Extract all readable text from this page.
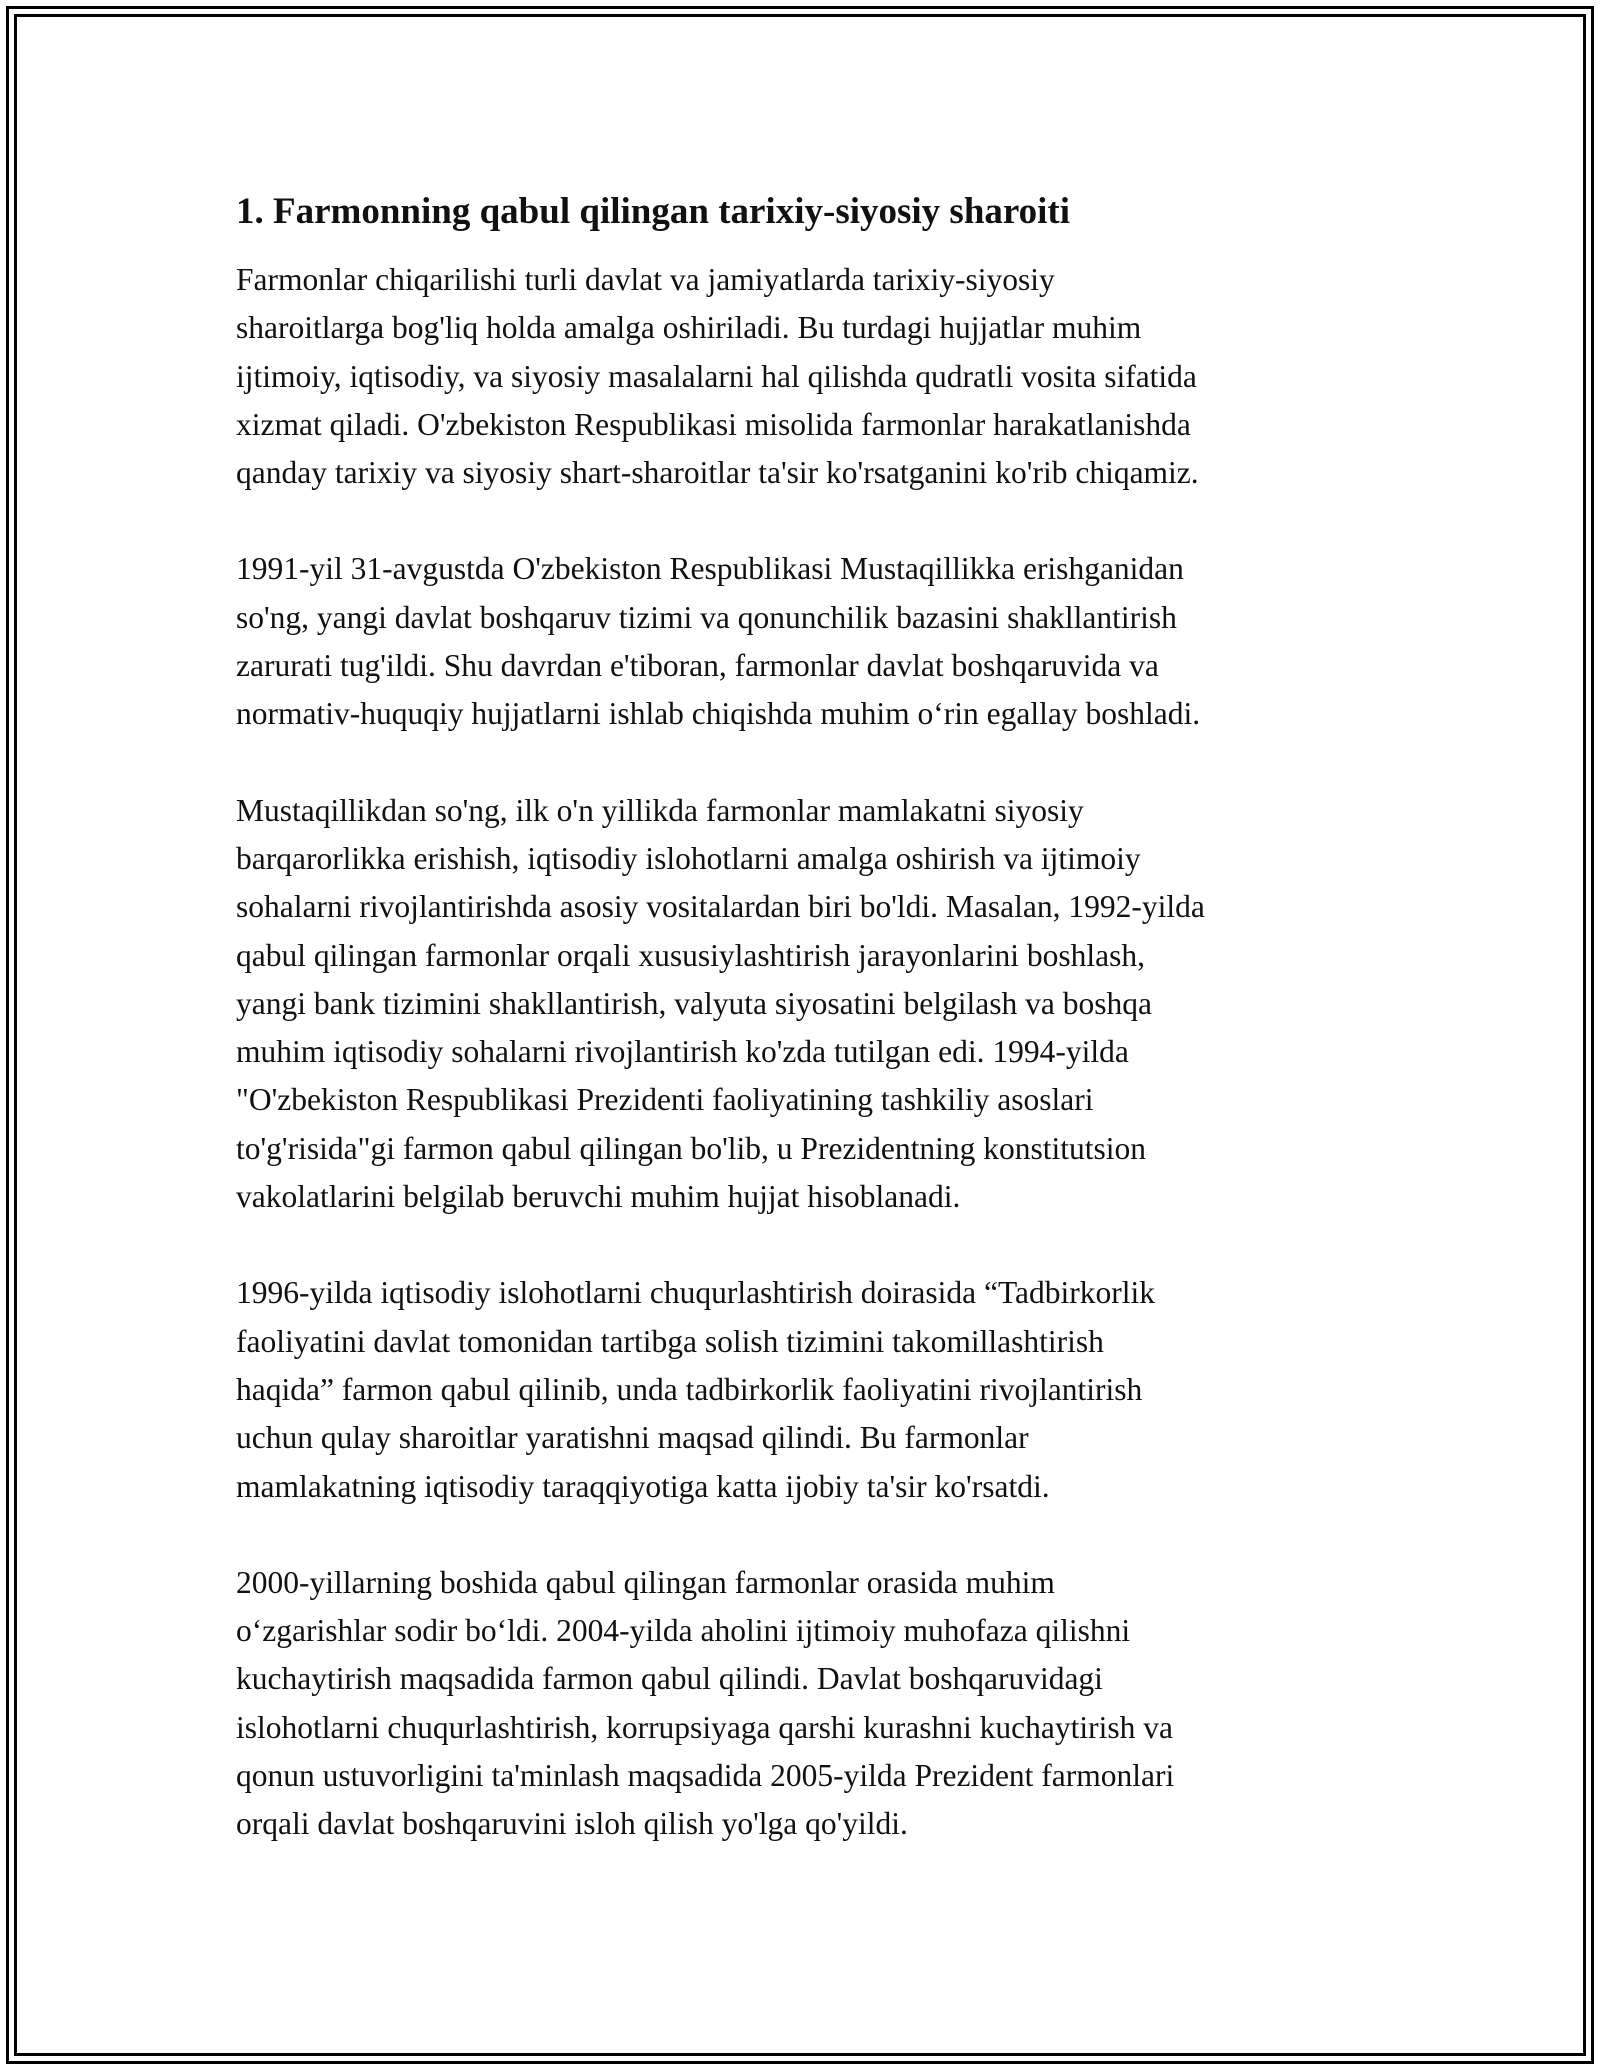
1. Farmonning qabul qilingan tarixiy-siyosiy sharoiti
Farmonlar chiqarilishi turli davlat va jamiyatlarda tarixiy-siyosiy
sharoitlarga bog'liq holda amalga oshiriladi. Bu turdagi hujjatlar muhim
ijtimoiy, iqtisodiy, va siyosiy masalalarni hal qilishda qudratli vosita sifatida
xizmat qiladi. O'zbekiston Respublikasi misolida farmonlar harakatlanishda
qanday tarixiy va siyosiy shart-sharoitlar ta'sir ko'rsatganini ko'rib chiqamiz.
1991-yil 31-avgustda O'zbekiston Respublikasi Mustaqillikka erishganidan
so'ng, yangi davlat boshqaruv tizimi va qonunchilik bazasini shakllantirish
zarurati tug'ildi. Shu davrdan e'tiboran, farmonlar davlat boshqaruvida va
normativ-huquqiy hujjatlarni ishlab chiqishda muhim o‘rin egallay boshladi.
Mustaqillikdan so'ng, ilk o'n yillikda farmonlar mamlakatni siyosiy
barqarorlikka erishish, iqtisodiy islohotlarni amalga oshirish va ijtimoiy
sohalarni rivojlantirishda asosiy vositalardan biri bo'ldi. Masalan, 1992-yilda
qabul qilingan farmonlar orqali xususiylashtirish jarayonlarini boshlash,
yangi bank tizimini shakllantirish, valyuta siyosatini belgilash va boshqa
muhim iqtisodiy sohalarni rivojlantirish ko'zda tutilgan edi. 1994-yilda
"O'zbekiston Respublikasi Prezidenti faoliyatining tashkiliy asoslari
to'g'risida"gi farmon qabul qilingan bo'lib, u Prezidentning konstitutsion
vakolatlarini belgilab beruvchi muhim hujjat hisoblanadi.
1996-yilda iqtisodiy islohotlarni chuqurlashtirish doirasida “Tadbirkorlik
faoliyatini davlat tomonidan tartibga solish tizimini takomillashtirish
haqida” farmon qabul qilinib, unda tadbirkorlik faoliyatini rivojlantirish
uchun qulay sharoitlar yaratishni maqsad qilindi. Bu farmonlar
mamlakatning iqtisodiy taraqqiyotiga katta ijobiy ta'sir ko'rsatdi.
2000-yillarning boshida qabul qilingan farmonlar orasida muhim
o‘zgarishlar sodir bo‘ldi. 2004-yilda aholini ijtimoiy muhofaza qilishni
kuchaytirish maqsadida farmon qabul qilindi. Davlat boshqaruvidagi
islohotlarni chuqurlashtirish, korrupsiyaga qarshi kurashni kuchaytirish va
qonun ustuvorligini ta'minlash maqsadida 2005-yilda Prezident farmonlari
orqali davlat boshqaruvini isloh qilish yo'lga qo'yildi.
